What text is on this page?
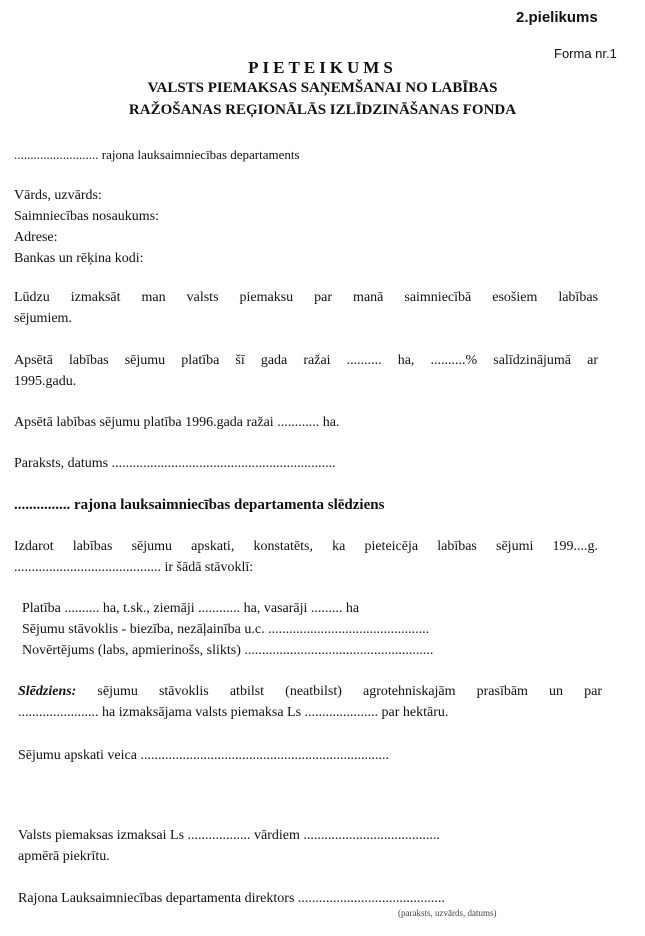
2.pielikums
Forma nr.1
PIETEIKUMS
VALSTS PIEMAKSAS SAŅEMŠANAI NO LABĪBAS
RAŽOŠANAS REĢIONĀLĀS IZLĪDZINĀŠANAS FONDA
.......................... rajona lauksaimniecības departaments
Vārds, uzvārds:
Saimniecības nosaukums:
Adrese:
Bankas un rēķina kodi:
Lūdzu izmaksāt man valsts piemaksu par manā saimniecībā esošiem labības
sējumiem.
Apsētā labības sējumu platība šī gada ražai .......... ha, ..........% salīdzinājumā ar
1995.gadu.
Apsētā labības sējumu platība 1996.gada ražai ............ ha.
Paraksts, datums ................................................................
............... rajona lauksaimniecības departamenta slēdziens
Izdarot labības sējumu apskati, konstatēts, ka pieteicēja labības sējumi 199....g.
.......................................... ir šādā stāvoklī:
Platība .......... ha, t.sk., ziemāji ............ ha, vasarāji ......... ha
Sējumu stāvoklis - biezība, nezāļainība u.c. ..............................................
Novērtējums (labs, apmierinošs, slikts) ......................................................
Slēdziens: sējumu stāvoklis atbilst (neatbilst) agrotehniskajām prasībām un par
....................... ha izmaksājama valsts piemaksa Ls ..................... par hektāru.
Sējumu apskati veica .......................................................................
Valsts piemaksas izmaksai Ls .................. vārdiem .......................................
apmērā piekrītu.
Rajona Lauksaimniecības departamenta direktors ..........................................
(paraksts, uzvārds, datums)
